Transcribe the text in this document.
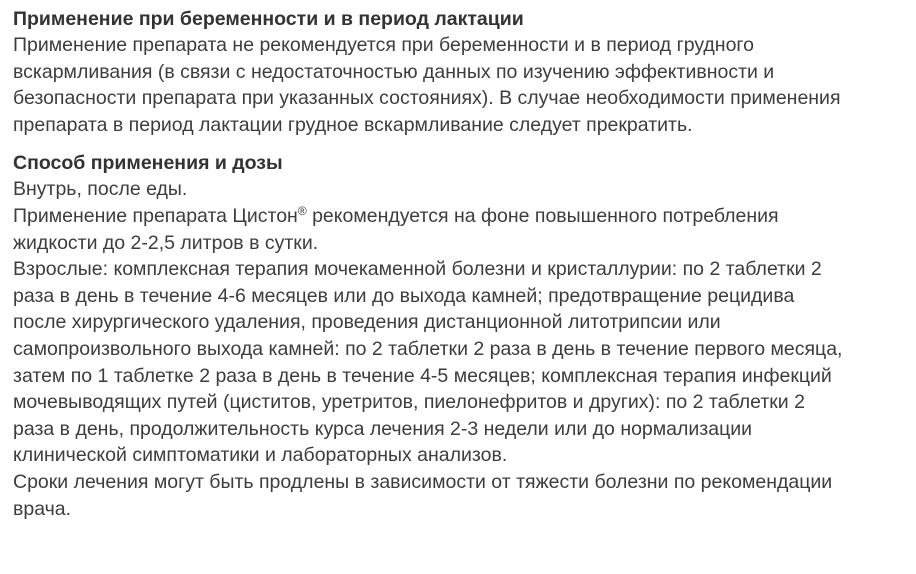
Применение при беременности и в период лактации

Применение препарата не рекомендуется при беременности и в период грудного
вскармливания (в связи с недостаточностью данных по изучению эффективности и
безопасности препарата при указанных состояниях). В случае необходимости применения
препарата в период лактации грудное вскармливание следует прекратить.

Способ применения и дозы

Внутрь, после еды.
Применение препарата Цистон® рекомендуется на фоне повышенного потребления
жидкости до 2-2,5 литров в сутки.
Взрослые: комплексная терапия мочекаменной болезни и кристаллурии: по 2 таблетки 2
раза в день в течение 4-6 месяцев или до выхода камней; предотвращение рецидива
после хирургического удаления, проведения дистанционной литотрипсии или
самопроизвольного выхода камней: по 2 таблетки 2 раза в день в течение первого месяца,
затем по 1 таблетке 2 раза в день в течение 4-5 месяцев; комплексная терапия инфекций
мочевыводящих путей (циститов, уретритов, пиелонефритов и других): по 2 таблетки 2
раза в день, продолжительность курса лечения 2-3 недели или до нормализации
клинической симптоматики и лабораторных анализов.
Сроки лечения могут быть продлены в зависимости от тяжести болезни по рекомендации
врача.
